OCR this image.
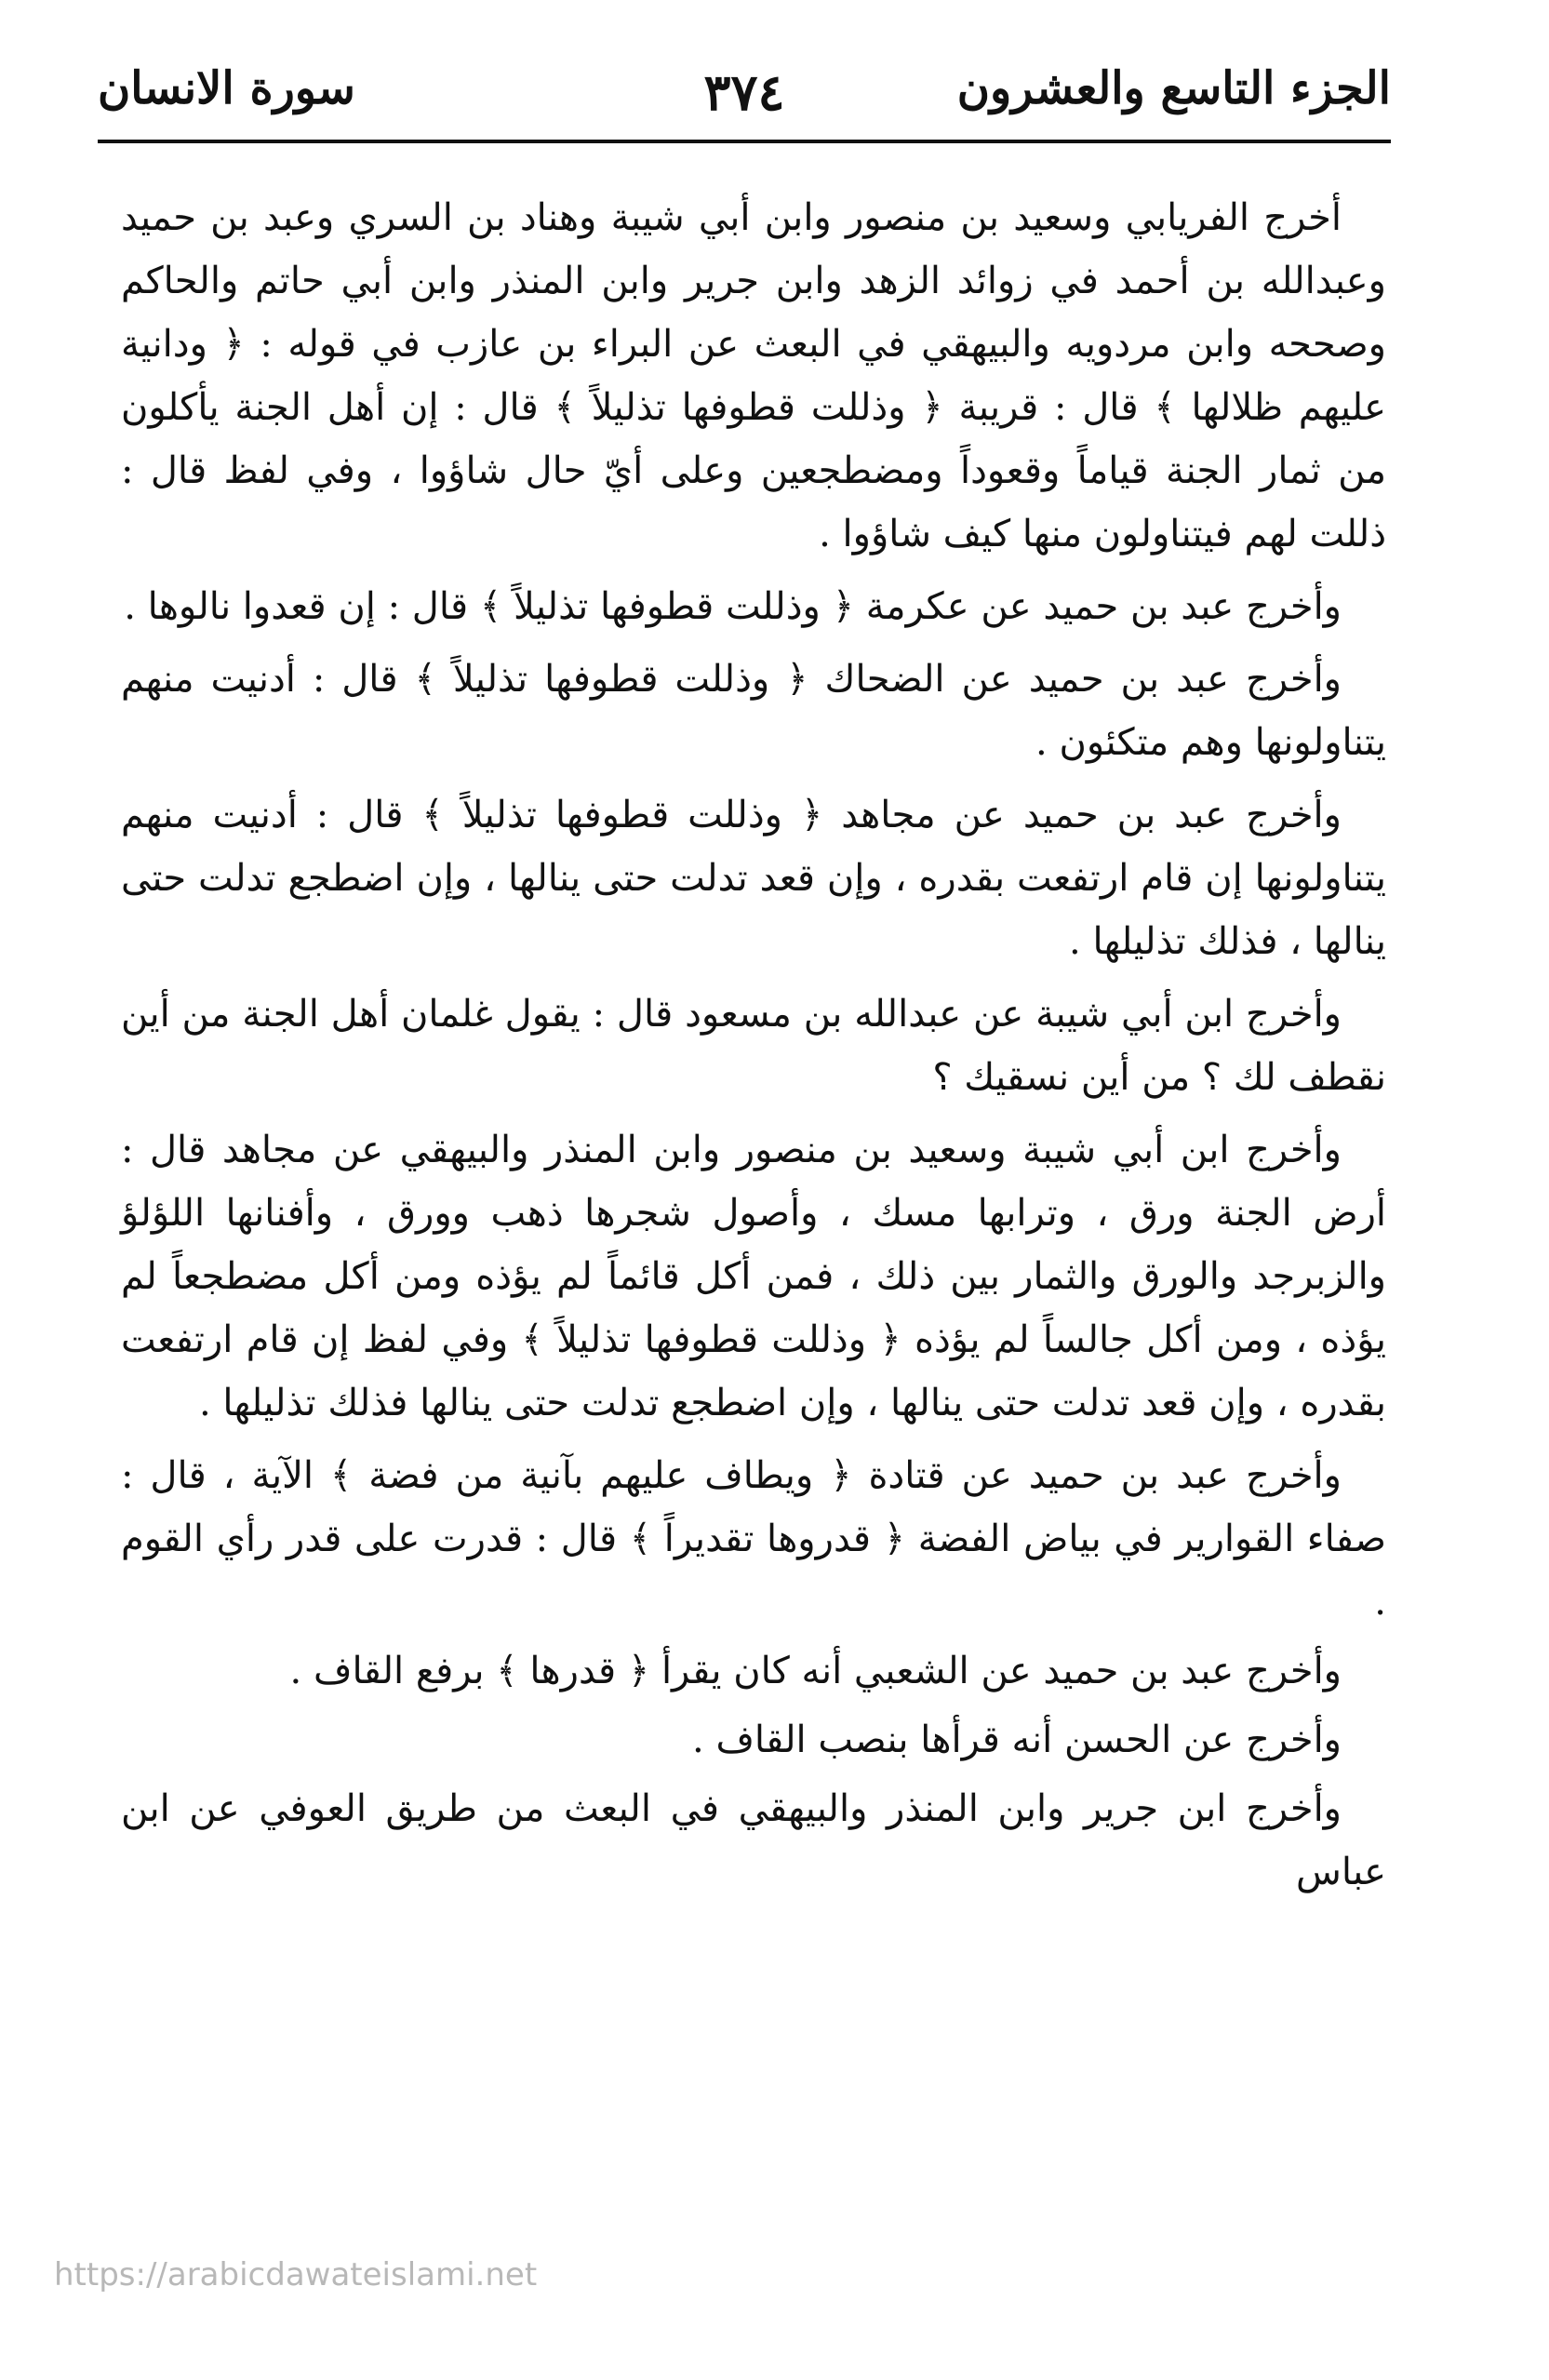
الجزء التاسع والعشرون
٣٧٤
سورة الانسان

أخرج الفريابي وسعيد بن منصور وابن أبي شيبة وهناد بن السري وعبد بن حميد وعبدالله بن أحمد في زوائد الزهد وابن جرير وابن المنذر وابن أبي حاتم والحاكم وصححه وابن مردويه والبيهقي في البعث عن البراء بن عازب في قوله : ﴿ ودانية عليهم ظلالها ﴾ قال : قريبة ﴿ وذللت قطوفها تذليلاً ﴾ قال : إن أهل الجنة يأكلون من ثمار الجنة قياماً وقعوداً ومضطجعين وعلى أيّ حال شاؤوا ، وفي لفظ قال : ذللت لهم فيتناولون منها كيف شاؤوا .

وأخرج عبد بن حميد عن عكرمة ﴿ وذللت قطوفها تذليلاً ﴾ قال : إن قعدوا نالوها .

وأخرج عبد بن حميد عن الضحاك ﴿ وذللت قطوفها تذليلاً ﴾ قال : أدنيت منهم يتناولونها وهم متكئون .

وأخرج عبد بن حميد عن مجاهد ﴿ وذللت قطوفها تذليلاً ﴾ قال : أدنيت منهم يتناولونها إن قام ارتفعت بقدره ، وإن قعد تدلت حتى ينالها ، وإن اضطجع تدلت حتى ينالها ، فذلك تذليلها .

وأخرج ابن أبي شيبة عن عبدالله بن مسعود قال : يقول غلمان أهل الجنة من أين نقطف لك ؟ من أين نسقيك ؟

وأخرج ابن أبي شيبة وسعيد بن منصور وابن المنذر والبيهقي عن مجاهد قال : أرض الجنة ورق ، وترابها مسك ، وأصول شجرها ذهب وورق ، وأفنانها اللؤلؤ والزبرجد والورق والثمار بين ذلك ، فمن أكل قائماً لم يؤذه ومن أكل مضطجعاً لم يؤذه ، ومن أكل جالساً لم يؤذه ﴿ وذللت قطوفها تذليلاً ﴾ وفي لفظ إن قام ارتفعت بقدره ، وإن قعد تدلت حتى ينالها ، وإن اضطجع تدلت حتى ينالها فذلك تذليلها .

وأخرج عبد بن حميد عن قتادة ﴿ ويطاف عليهم بآنية من فضة ﴾ الآية ، قال : صفاء القوارير في بياض الفضة ﴿ قدروها تقديراً ﴾ قال : قدرت على قدر رأي القوم .

وأخرج عبد بن حميد عن الشعبي أنه كان يقرأ ﴿ قدرها ﴾ برفع القاف .

وأخرج عن الحسن أنه قرأها بنصب القاف .

وأخرج ابن جرير وابن المنذر والبيهقي في البعث من طريق العوفي عن ابن عباس

https://arabicdawateislami.net
